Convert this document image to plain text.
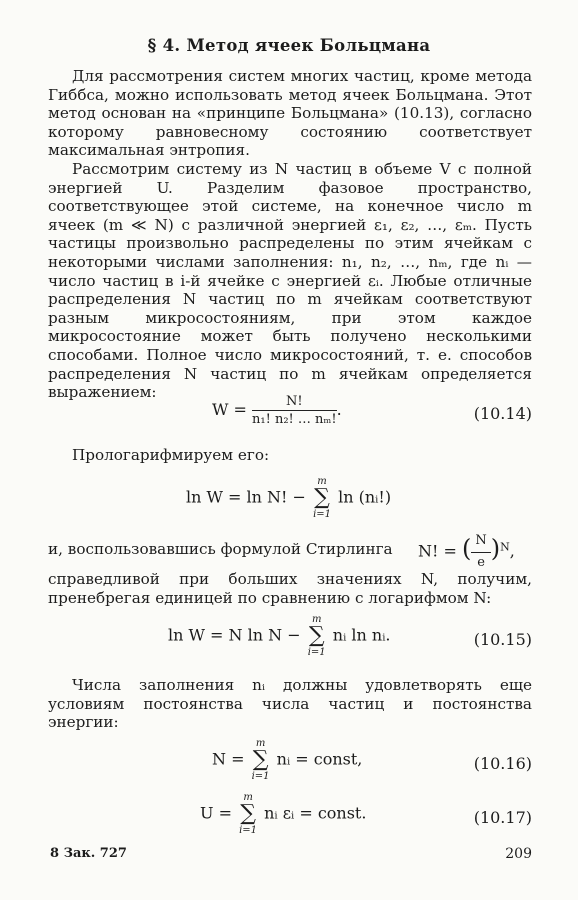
§ 4. Метод ячеек Больцмана

Для рассмотрения систем многих частиц, кроме метода Гиббса, можно использовать метод ячеек Больцмана. Этот метод основан на «принципе Больцмана» (10.13), согласно которому равновесному состоянию соответствует максимальная энтропия.

Рассмотрим систему из N частиц в объеме V с полной энергией U. Разделим фазовое пространство, соответствующее этой системе, на конечное число m ячеек (m ≪ N) с различной энергией ε₁, ε₂, …, εₘ. Пусть частицы произвольно распределены по этим ячейкам с некоторыми числами заполнения: n₁, n₂, …, nₘ, где nᵢ — число частиц в i-й ячейке с энергией εᵢ. Любые отличные распределения N частиц по m ячейкам соответствуют разным микросостояниям, при этом каждое микросостояние может быть получено несколькими способами. Полное число микросостояний, т. е. способов распределения N частиц по m ячейкам определяется выражением:

$W = \frac{N!}{\text{n₁! n₂! … nₘ!}}$ .	(10.14)
Прологарифмируем его:
ln W = ln N! −
m
∑
i=1
ln (nᵢ!)
и, воспользовавшись формулой Стирлинга N! = ( $\frac{N}{e} )^N$,

справедливой при больших значениях N, получим, пренебрегая единицей по сравнению с логарифмом N:

ln W = N ln N −
m
∑
i=1
nᵢ ln nᵢ.	(10.15)

Числа заполнения nᵢ должны удовлетворять еще условиям постоянства числа частиц и постоянства энергии:

N =
m
∑
i=1
nᵢ = const,	(10.16)
U =
m
∑
i=1
nᵢ εᵢ = const.	(10.17)
8 Зак. 727	209
